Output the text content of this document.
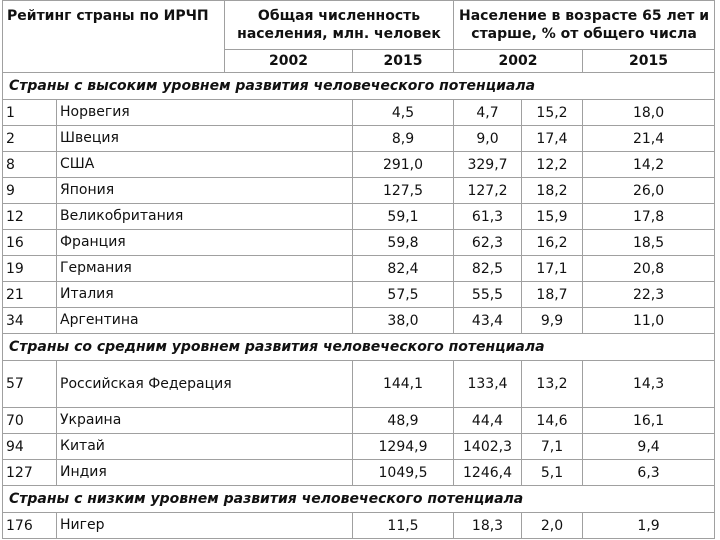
Рейтинг страны по ИРЧП		Общая численность населения, млн. человек		Население в возрасте 65 лет и старше, % от общего числа		
		2002	2015	2002		2015
Страны с высоким уровнем развития человеческого потенциала						
1	Норвегия		4,5	4,7	15,2	18,0
2	Швеция		8,9	9,0	17,4	21,4
8	США		291,0	329,7	12,2	14,2
9	Япония		127,5	127,2	18,2	26,0
12	Великобритания		59,1	61,3	15,9	17,8
16	Франция		59,8	62,3	16,2	18,5
19	Германия		82,4	82,5	17,1	20,8
21	Италия		57,5	55,5	18,7	22,3
34	Аргентина		38,0	43,4	9,9	11,0
Страны со средним уровнем развития человеческого потенциала						
57	Российская Федерация		144,1	133,4	13,2	14,3
70	Украина		48,9	44,4	14,6	16,1
94	Китай		1294,9	1402,3	7,1	9,4
127	Индия		1049,5	1246,4	5,1	6,3
Страны с низким уровнем развития человеческого потенциала						
176	Нигер		11,5	18,3	2,0	1,9
